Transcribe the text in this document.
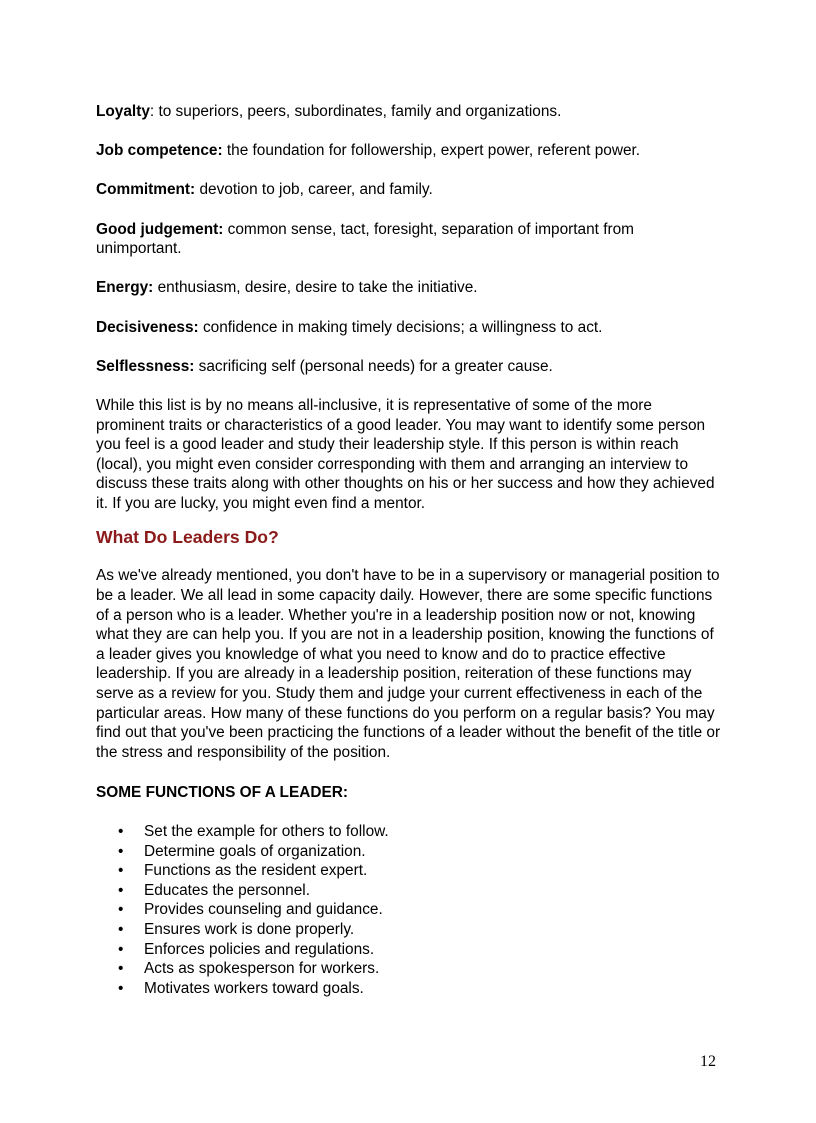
Loyalty: to superiors, peers, subordinates, family and organizations.

Job competence: the foundation for followership, expert power, referent power.

Commitment: devotion to job, career, and family.

Good judgement: common sense, tact, foresight, separation of important from unimportant.

Energy: enthusiasm, desire, desire to take the initiative.

Decisiveness: confidence in making timely decisions; a willingness to act.

Selflessness: sacrificing self (personal needs) for a greater cause.

While this list is by no means all-inclusive, it is representative of some of the more prominent traits or characteristics of a good leader. You may want to identify some person you feel is a good leader and study their leadership style. If this person is within reach (local), you might even consider corresponding with them and arranging an interview to discuss these traits along with other thoughts on his or her success and how they achieved it. If you are lucky, you might even find a mentor.

What Do Leaders Do?

As we've already mentioned, you don't have to be in a supervisory or managerial position to be a leader. We all lead in some capacity daily. However, there are some specific functions of a person who is a leader. Whether you're in a leadership position now or not, knowing what they are can help you. If you are not in a leadership position, knowing the functions of a leader gives you knowledge of what you need to know and do to practice effective leadership. If you are already in a leadership position, reiteration of these functions may serve as a review for you. Study them and judge your current effectiveness in each of the particular areas. How many of these functions do you perform on a regular basis? You may find out that you've been practicing the functions of a leader without the benefit of the title or the stress and responsibility of the position.

SOME FUNCTIONS OF A LEADER:

• Set the example for others to follow.
• Determine goals of organization.
• Functions as the resident expert.
• Educates the personnel.
• Provides counseling and guidance.
• Ensures work is done properly.
• Enforces policies and regulations.
• Acts as spokesperson for workers.
• Motivates workers toward goals.
12
